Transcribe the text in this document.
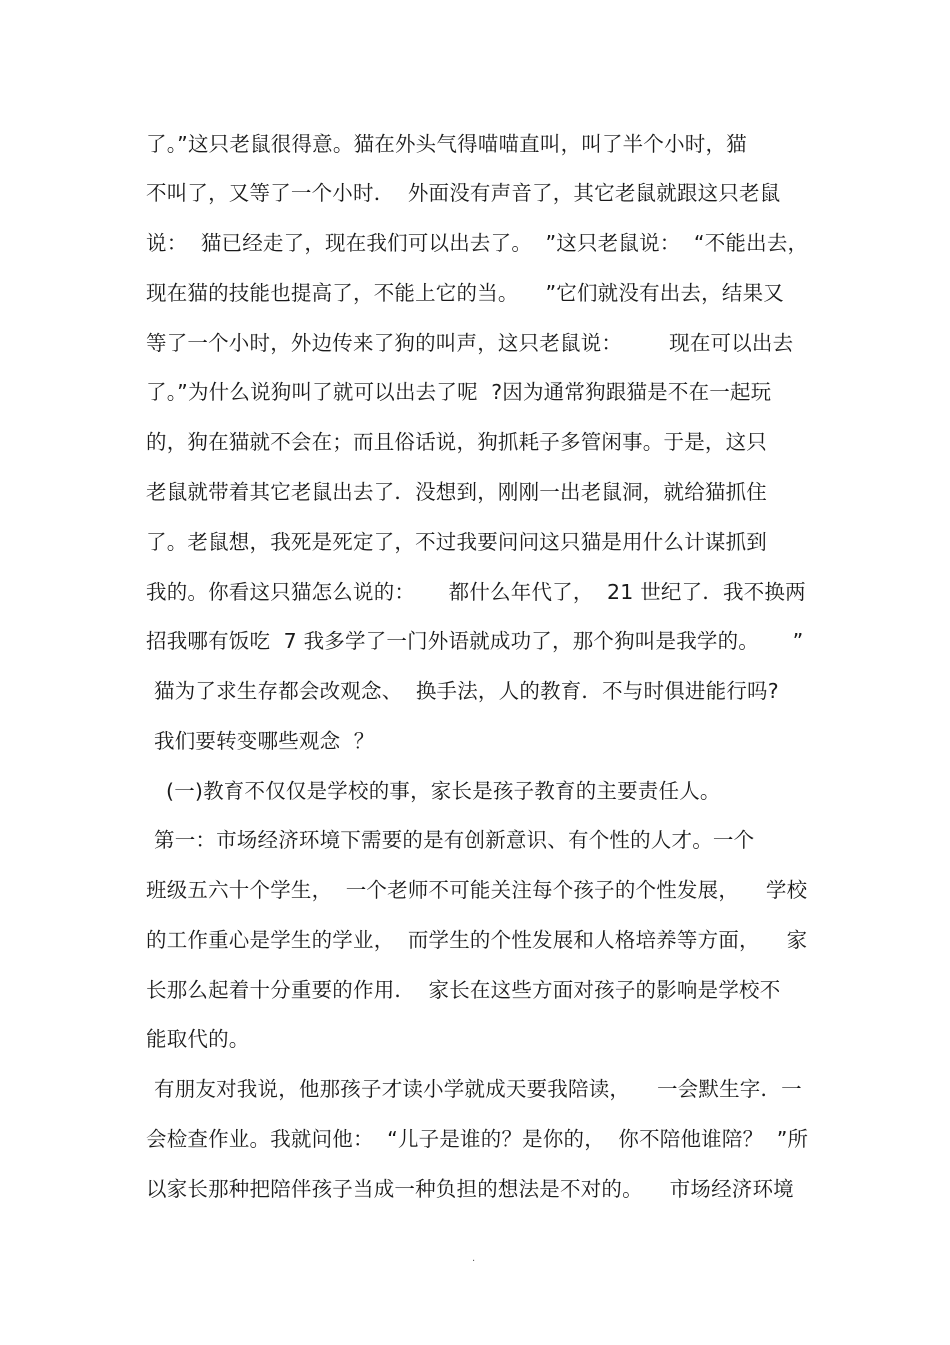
了。”这只老鼠很得意。猫在外头气得喵喵直叫，叫了半个小时，猫
不叫了，又等了一个小时．  外面没有声音了，其它老鼠就跟这只老鼠
说：  猫已经走了，现在我们可以出去了。  ”这只老鼠说：  “不能出去，
现在猫的技能也提高了，不能上它的当。    ”它们就没有出去，结果又
等了一个小时，外边传来了狗的叫声，这只老鼠说：       现在可以出去
了。”为什么说狗叫了就可以出去了呢  ?因为通常狗跟猫是不在一起玩
的，狗在猫就不会在；而且俗话说，狗抓耗子多管闲事。于是，这只
老鼠就带着其它老鼠出去了．没想到，刚刚一出老鼠洞，就给猫抓住
了。老鼠想，我死是死定了，不过我要问问这只猫是用什么计谋抓到
我的。你看这只猫怎么说的：     都什么年代了，  21 世纪了．我不换两
招我哪有饭吃  7 我多学了一门外语就成功了，那个狗叫是我学的。     ”
猫为了求生存都会改观念、  换手法，人的教育．不与时俱进能行吗?
我们要转变哪些观念  ？
(一)教育不仅仅是学校的事，家长是孩子教育的主要责任人。
第一：市场经济环境下需要的是有创新意识、有个性的人才。一个
班级五六十个学生，  一个老师不可能关注每个孩子的个性发展，    学校
的工作重心是学生的学业，  而学生的个性发展和人格培养等方面，    家
长那么起着十分重要的作用．  家长在这些方面对孩子的影响是学校不
能取代的。
有朋友对我说，他那孩子才读小学就成天要我陪读，    一会默生字．一
会检查作业。我就问他：  “儿子是谁的？是你的，  你不陪他谁陪？  ”所
以家长那种把陪伴孩子当成一种负担的想法是不对的。    市场经济环境
.
